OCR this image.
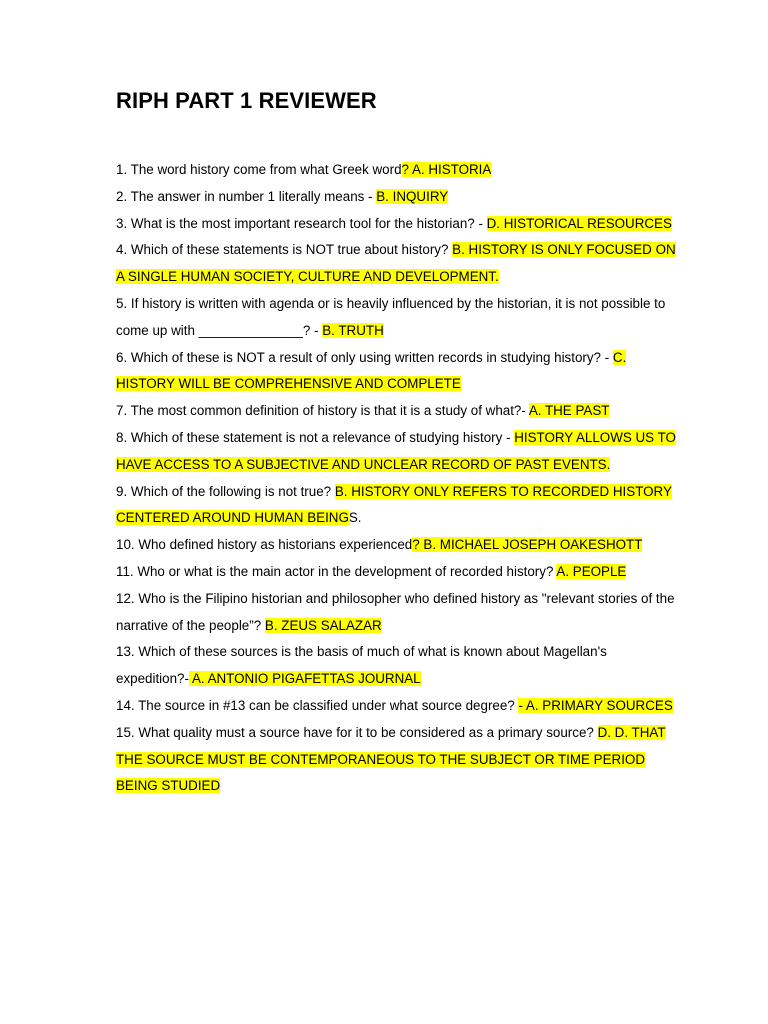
RIPH PART 1 REVIEWER
1. The word history come from what Greek word? A. HISTORIA
2. The answer in number 1 literally means - B. INQUIRY
3. What is the most important research tool for the historian? - D. HISTORICAL RESOURCES
4. Which of these statements is NOT true about history? B. HISTORY IS ONLY FOCUSED ON A SINGLE HUMAN SOCIETY, CULTURE AND DEVELOPMENT.
5. If history is written with agenda or is heavily influenced by the historian, it is not possible to come up with ______________? - B. TRUTH
6. Which of these is NOT a result of only using written records in studying history? - C. HISTORY WILL BE COMPREHENSIVE AND COMPLETE
7. The most common definition of history is that it is a study of what?- A. THE PAST
8. Which of these statement is not a relevance of studying history - HISTORY ALLOWS US TO HAVE ACCESS TO A SUBJECTIVE AND UNCLEAR RECORD OF PAST EVENTS.
9. Which of the following is not true? B. HISTORY ONLY REFERS TO RECORDED HISTORY CENTERED AROUND HUMAN BEINGS.
10. Who defined history as historians experienced? B. MICHAEL JOSEPH OAKESHOTT
11. Who or what is the main actor in the development of recorded history? A. PEOPLE
12. Who is the Filipino historian and philosopher who defined history as "relevant stories of the narrative of the people”? B. ZEUS SALAZAR
13. Which of these sources is the basis of much of what is known about Magellan's expedition?- A. ANTONIO PIGAFETTAS JOURNAL
14. The source in #13 can be classified under what source degree? - A. PRIMARY SOURCES
15. What quality must a source have for it to be considered as a primary source? D. D. THAT THE SOURCE MUST BE CONTEMPORANEOUS TO THE SUBJECT OR TIME PERIOD BEING STUDIED
